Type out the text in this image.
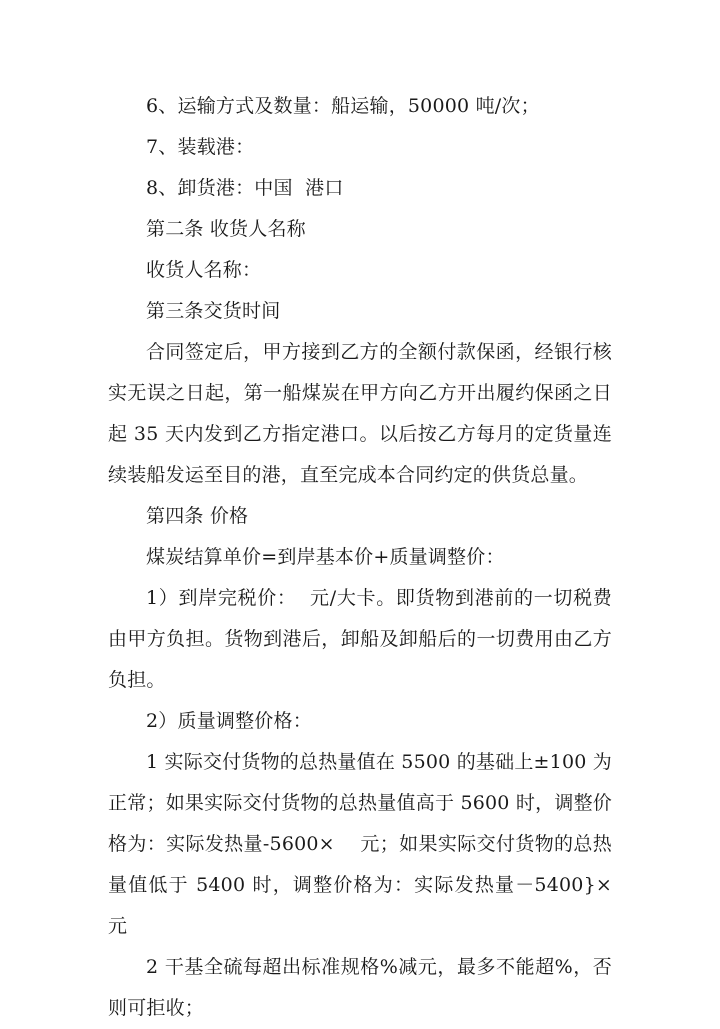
6、运输方式及数量：船运输，50000 吨/次；

7、装载港：

8、卸货港：中国  港口

第二条 收货人名称

收货人名称：

第三条交货时间

合同签定后，甲方接到乙方的全额付款保函，经银行核实无误之日起，第一船煤炭在甲方向乙方开出履约保函之日起 35 天内发到乙方指定港口。以后按乙方每月的定货量连续装船发运至目的港，直至完成本合同约定的供货总量。

第四条 价格

煤炭结算单价=到岸基本价+质量调整价：

1）到岸完税价：  元/大卡。即货物到港前的一切税费由甲方负担。货物到港后，卸船及卸船后的一切费用由乙方负担。

2）质量调整价格：

1 实际交付货物的总热量值在 5500 的基础上±100 为正常；如果实际交付货物的总热量值高于 5600 时，调整价格为：实际发热量-5600×    元；如果实际交付货物的总热量值低于 5400 时，调整价格为：实际发热量－5400}×    元

2 干基全硫每超出标准规格%减元，最多不能超%，否则可拒收；
